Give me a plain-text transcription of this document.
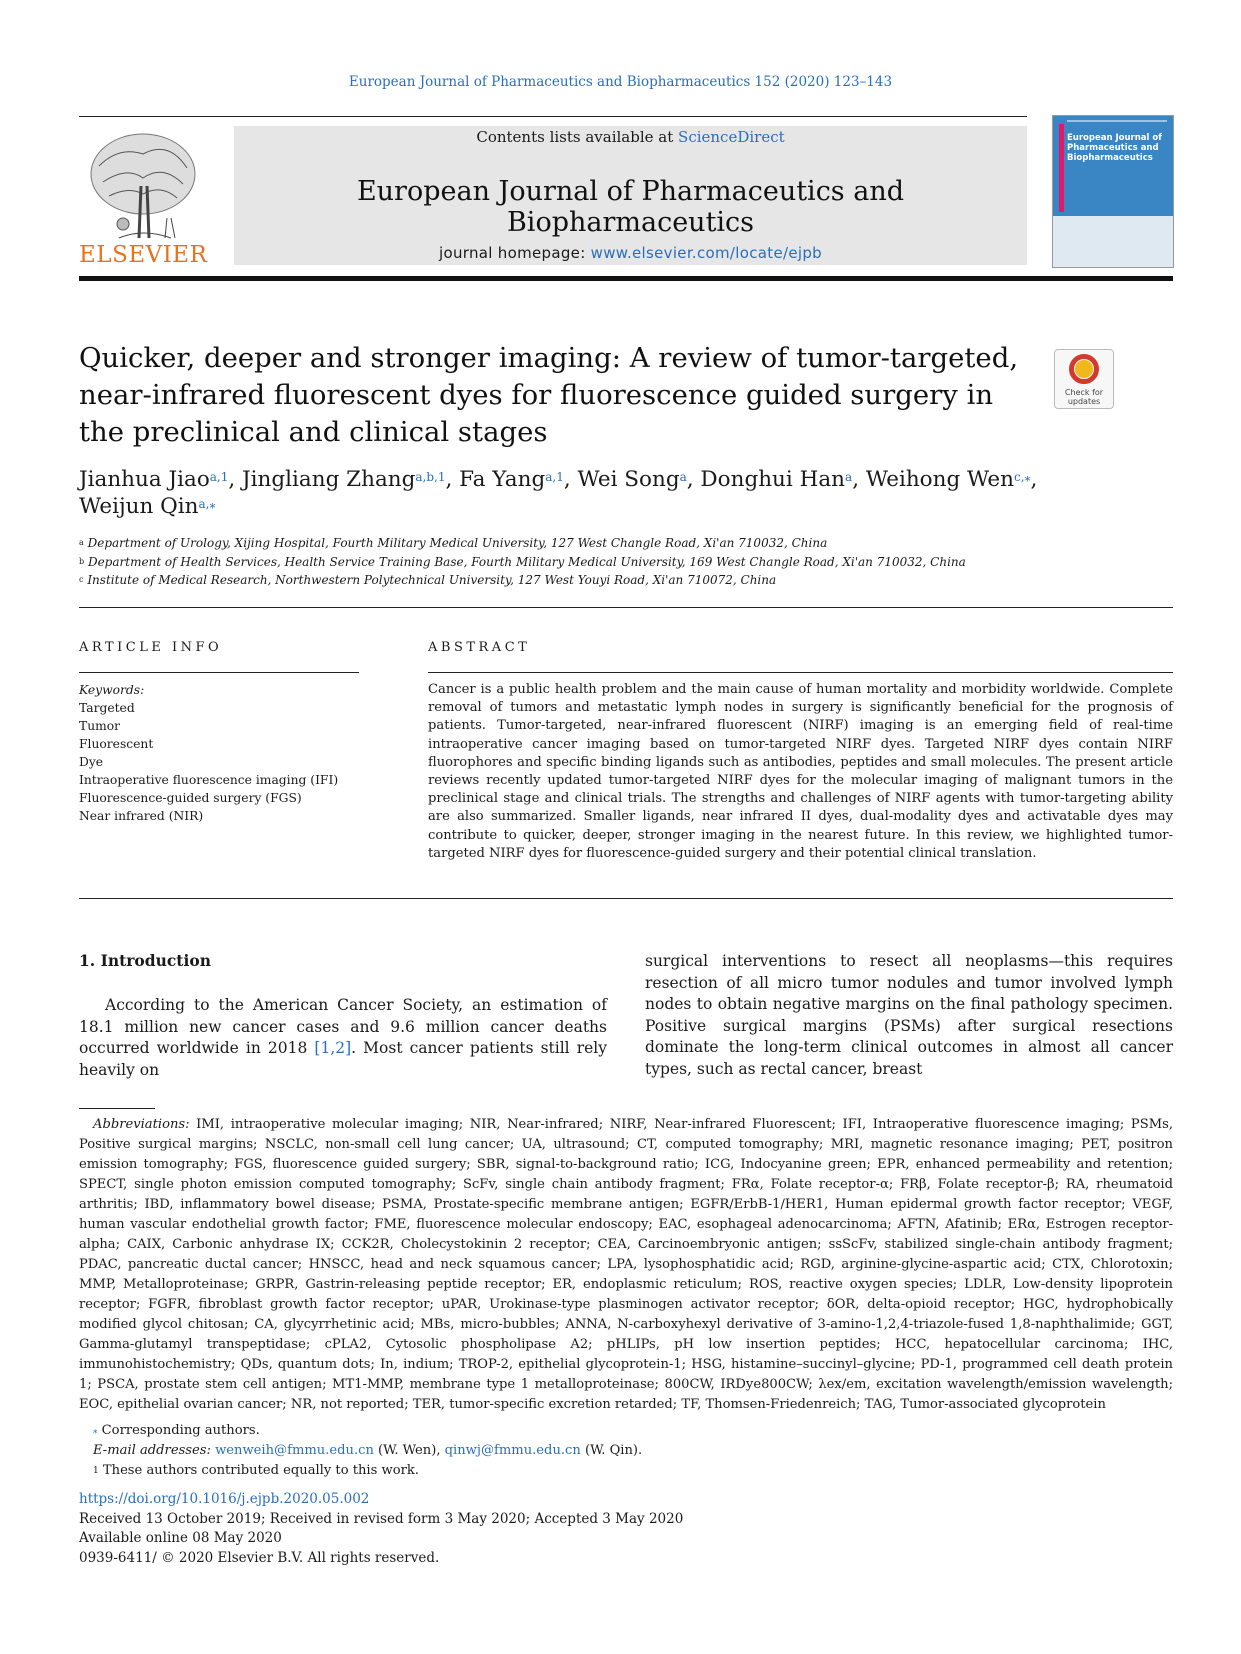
European Journal of Pharmaceutics and Biopharmaceutics 152 (2020) 123–143
ELSEVIER
Contents lists available at ScienceDirect
European Journal of Pharmaceutics and Biopharmaceutics
journal homepage: www.elsevier.com/locate/ejpb
European Journal of Pharmaceutics and Biopharmaceutics
Quicker, deeper and stronger imaging: A review of tumor-targeted, near-infrared fluorescent dyes for fluorescence guided surgery in the preclinical and clinical stages
Check for
updates
Jianhua Jiao$^{a,1}$, Jingliang Zhang$^{a,b,1}$, Fa Yang$^{a,1}$, Wei Song$^a$, Donghui Han$^a$, Weihong Wen$^{c,⁎}$,
Weijun Qin$^{a,⁎}$
$^a$ Department of Urology, Xijing Hospital, Fourth Military Medical University, 127 West Changle Road, Xi'an 710032, China
$^b$ Department of Health Services, Health Service Training Base, Fourth Military Medical University, 169 West Changle Road, Xi'an 710032, China
$^c$ Institute of Medical Research, Northwestern Polytechnical University, 127 West Youyi Road, Xi'an 710072, China
ARTICLE INFO	ABSTRACT
Keywords:
Targeted
Tumor
Fluorescent
Dye
Intraoperative fluorescence imaging (IFI)
Fluorescence-guided surgery (FGS)
Near infrared (NIR)
Cancer is a public health problem and the main cause of human mortality and morbidity worldwide. Complete removal of tumors and metastatic lymph nodes in surgery is significantly beneficial for the prognosis of patients. Tumor-targeted, near-infrared fluorescent (NIRF) imaging is an emerging field of real-time intraoperative cancer imaging based on tumor-targeted NIRF dyes. Targeted NIRF dyes contain NIRF fluorophores and specific binding ligands such as antibodies, peptides and small molecules. The present article reviews recently updated tumor-targeted NIRF dyes for the molecular imaging of malignant tumors in the preclinical stage and clinical trials. The strengths and challenges of NIRF agents with tumor-targeting ability are also summarized. Smaller ligands, near infrared II dyes, dual-modality dyes and activatable dyes may contribute to quicker, deeper, stronger imaging in the nearest future. In this review, we highlighted tumor-targeted NIRF dyes for fluorescence-guided surgery and their potential clinical translation.
1. Introduction
According to the American Cancer Society, an estimation of 18.1 million new cancer cases and 9.6 million cancer deaths occurred worldwide in 2018 [1,2]. Most cancer patients still rely heavily on
surgical interventions to resect all neoplasms—this requires resection of all micro tumor nodules and tumor involved lymph nodes to obtain negative margins on the final pathology specimen. Positive surgical margins (PSMs) after surgical resections dominate the long-term clinical outcomes in almost all cancer types, such as rectal cancer, breast
Abbreviations: IMI, intraoperative molecular imaging; NIR, Near-infrared; NIRF, Near-infrared Fluorescent; IFI, Intraoperative fluorescence imaging; PSMs, Positive surgical margins; NSCLC, non-small cell lung cancer; UA, ultrasound; CT, computed tomography; MRI, magnetic resonance imaging; PET, positron emission tomography; FGS, fluorescence guided surgery; SBR, signal-to-background ratio; ICG, Indocyanine green; EPR, enhanced permeability and retention; SPECT, single photon emission computed tomography; ScFv, single chain antibody fragment; FRα, Folate receptor-α; FRβ, Folate receptor-β; RA, rheumatoid arthritis; IBD, inflammatory bowel disease; PSMA, Prostate-specific membrane antigen; EGFR/ErbB-1/HER1, Human epidermal growth factor receptor; VEGF, human vascular endothelial growth factor; FME, fluorescence molecular endoscopy; EAC, esophageal adenocarcinoma; AFTN, Afatinib; ERα, Estrogen receptor-alpha; CAIX, Carbonic anhydrase IX; CCK2R, Cholecystokinin 2 receptor; CEA, Carcinoembryonic antigen; ssScFv, stabilized single-chain antibody fragment; PDAC, pancreatic ductal cancer; HNSCC, head and neck squamous cancer; LPA, lysophosphatidic acid; RGD, arginine-glycine-aspartic acid; CTX, Chlorotoxin; MMP, Metalloproteinase; GRPR, Gastrin-releasing peptide receptor; ER, endoplasmic reticulum; ROS, reactive oxygen species; LDLR, Low-density lipoprotein receptor; FGFR, fibroblast growth factor receptor; uPAR, Urokinase-type plasminogen activator receptor; δOR, delta-opioid receptor; HGC, hydrophobically modified glycol chitosan; CA, glycyrrhetinic acid; MBs, micro-bubbles; ANNA, N-carboxyhexyl derivative of 3-amino-1,2,4-triazole-fused 1,8-naphthalimide; GGT, Gamma-glutamyl transpeptidase; cPLA2, Cytosolic phospholipase A2; pHLIPs, pH low insertion peptides; HCC, hepatocellular carcinoma; IHC, immunohistochemistry; QDs, quantum dots; In, indium; TROP-2, epithelial glycoprotein-1; HSG, histamine–succinyl–glycine; PD-1, programmed cell death protein 1; PSCA, prostate stem cell antigen; MT1-MMP, membrane type 1 metalloproteinase; 800CW, IRDye800CW; λex/em, excitation wavelength/emission wavelength; EOC, epithelial ovarian cancer; NR, not reported; TER, tumor-specific excretion retarded; TF, Thomsen-Friedenreich; TAG, Tumor-associated glycoprotein
⁎ Corresponding authors.
E-mail addresses: wenweih@fmmu.edu.cn (W. Wen), qinwj@fmmu.edu.cn (W. Qin).
$^1$ These authors contributed equally to this work.
https://doi.org/10.1016/j.ejpb.2020.05.002
Received 13 October 2019; Received in revised form 3 May 2020; Accepted 3 May 2020
Available online 08 May 2020
0939-6411/ © 2020 Elsevier B.V. All rights reserved.
